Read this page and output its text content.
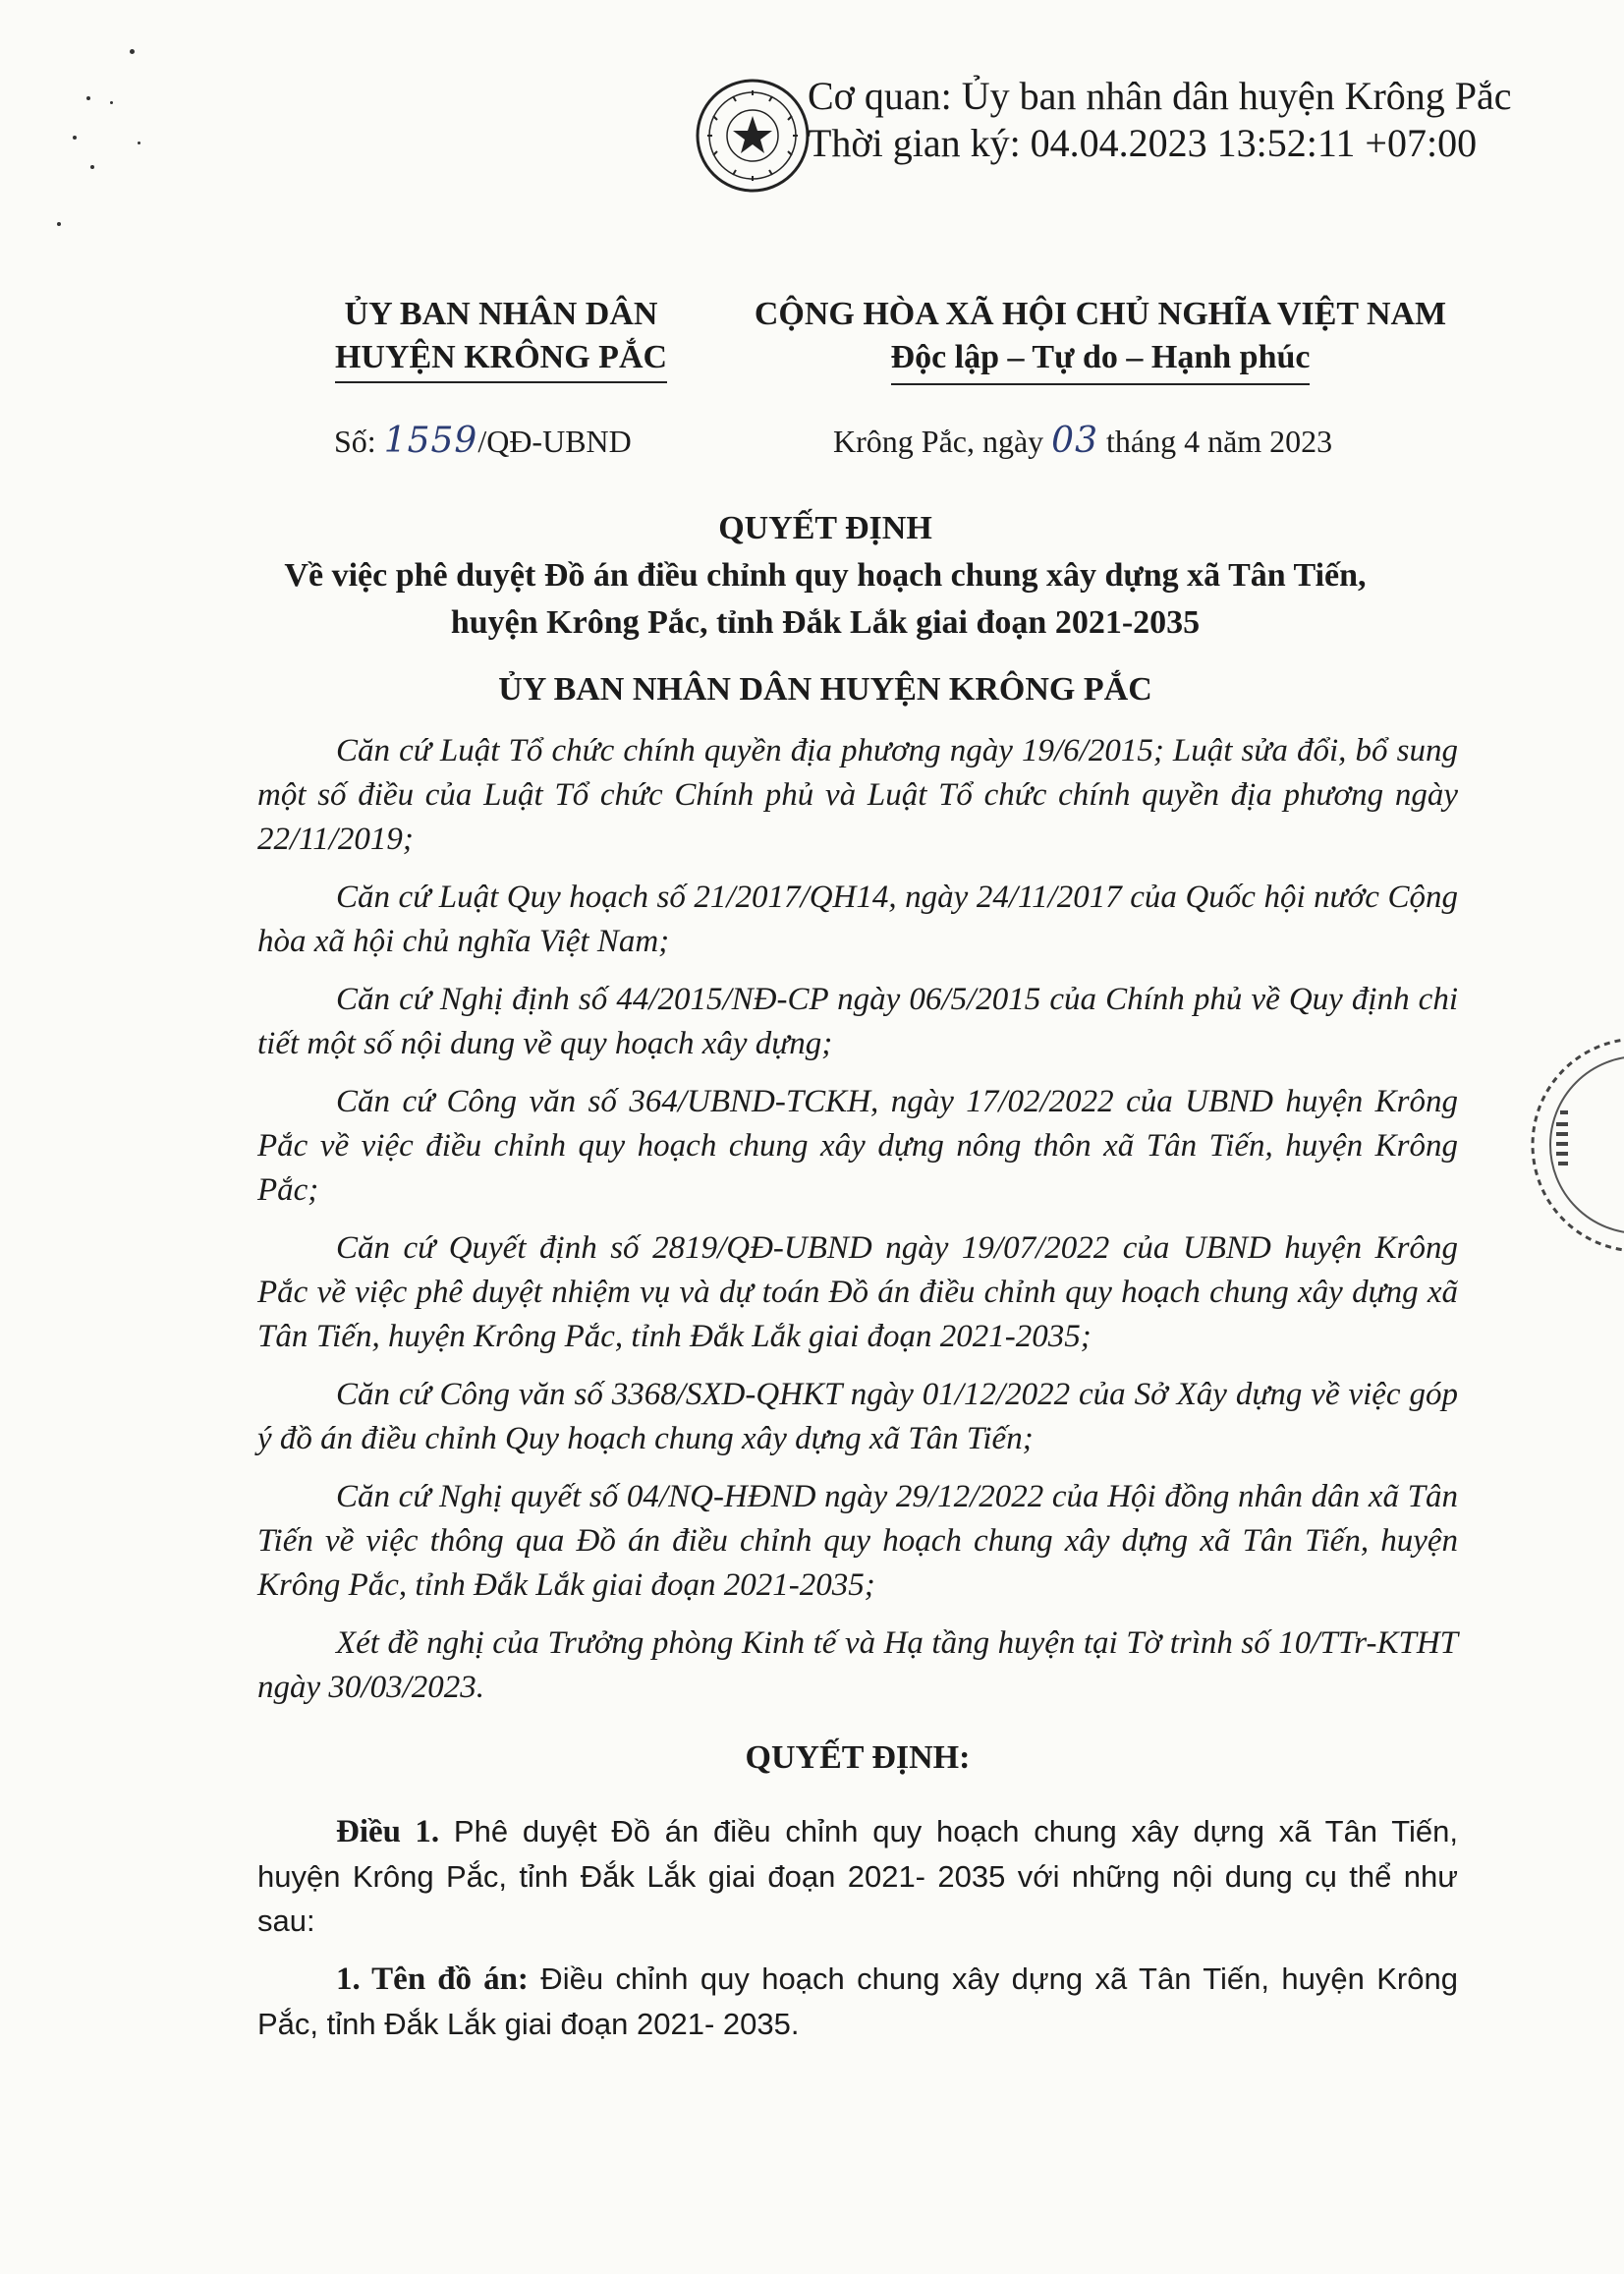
Cơ quan: Ủy ban nhân dân huyện Krông Pắc
Thời gian ký: 04.04.2023 13:52:11 +07:00
ỦY BAN NHÂN DÂN
HUYỆN KRÔNG PẮC
CỘNG HÒA XÃ HỘI CHỦ NGHĨA VIỆT NAM
Độc lập – Tự do – Hạnh phúc
Số: 1559/QĐ-UBND	Krông Pắc, ngày 03 tháng 4 năm 2023
QUYẾT ĐỊNH
Về việc phê duyệt Đồ án điều chỉnh quy hoạch chung xây dựng xã Tân Tiến,
huyện Krông Pắc, tỉnh Đắk Lắk giai đoạn 2021-2035
ỦY BAN NHÂN DÂN HUYỆN KRÔNG PẮC

Căn cứ Luật Tổ chức chính quyền địa phương ngày 19/6/2015; Luật sửa đổi, bổ sung một số điều của Luật Tổ chức Chính phủ và Luật Tổ chức chính quyền địa phương ngày 22/11/2019;

Căn cứ Luật Quy hoạch số 21/2017/QH14, ngày 24/11/2017 của Quốc hội nước Cộng hòa xã hội chủ nghĩa Việt Nam;

Căn cứ Nghị định số 44/2015/NĐ-CP ngày 06/5/2015 của Chính phủ về Quy định chi tiết một số nội dung về quy hoạch xây dựng;

Căn cứ Công văn số 364/UBND-TCKH, ngày 17/02/2022 của UBND huyện Krông Pắc về việc điều chỉnh quy hoạch chung xây dựng nông thôn xã Tân Tiến, huyện Krông Pắc;

Căn cứ Quyết định số 2819/QĐ-UBND ngày 19/07/2022 của UBND huyện Krông Pắc về việc phê duyệt nhiệm vụ và dự toán Đồ án điều chỉnh quy hoạch chung xây dựng xã Tân Tiến, huyện Krông Pắc, tỉnh Đắk Lắk giai đoạn 2021-2035;

Căn cứ Công văn số 3368/SXD-QHKT ngày 01/12/2022 của Sở Xây dựng về việc góp ý đồ án điều chỉnh Quy hoạch chung xây dựng xã Tân Tiến;

Căn cứ Nghị quyết số 04/NQ-HĐND ngày 29/12/2022 của Hội đồng nhân dân xã Tân Tiến về việc thông qua Đồ án điều chỉnh quy hoạch chung xây dựng xã Tân Tiến, huyện Krông Pắc, tỉnh Đắk Lắk giai đoạn 2021-2035;

Xét đề nghị của Trưởng phòng Kinh tế và Hạ tầng huyện tại Tờ trình số 10/TTr-KTHT ngày 30/03/2023.

QUYẾT ĐỊNH:

Điều 1. Phê duyệt Đồ án điều chỉnh quy hoạch chung xây dựng xã Tân Tiến, huyện Krông Pắc, tỉnh Đắk Lắk giai đoạn 2021- 2035 với những nội dung cụ thể như sau:

1. Tên đồ án: Điều chỉnh quy hoạch chung xây dựng xã Tân Tiến, huyện Krông Pắc, tỉnh Đắk Lắk giai đoạn 2021- 2035.
